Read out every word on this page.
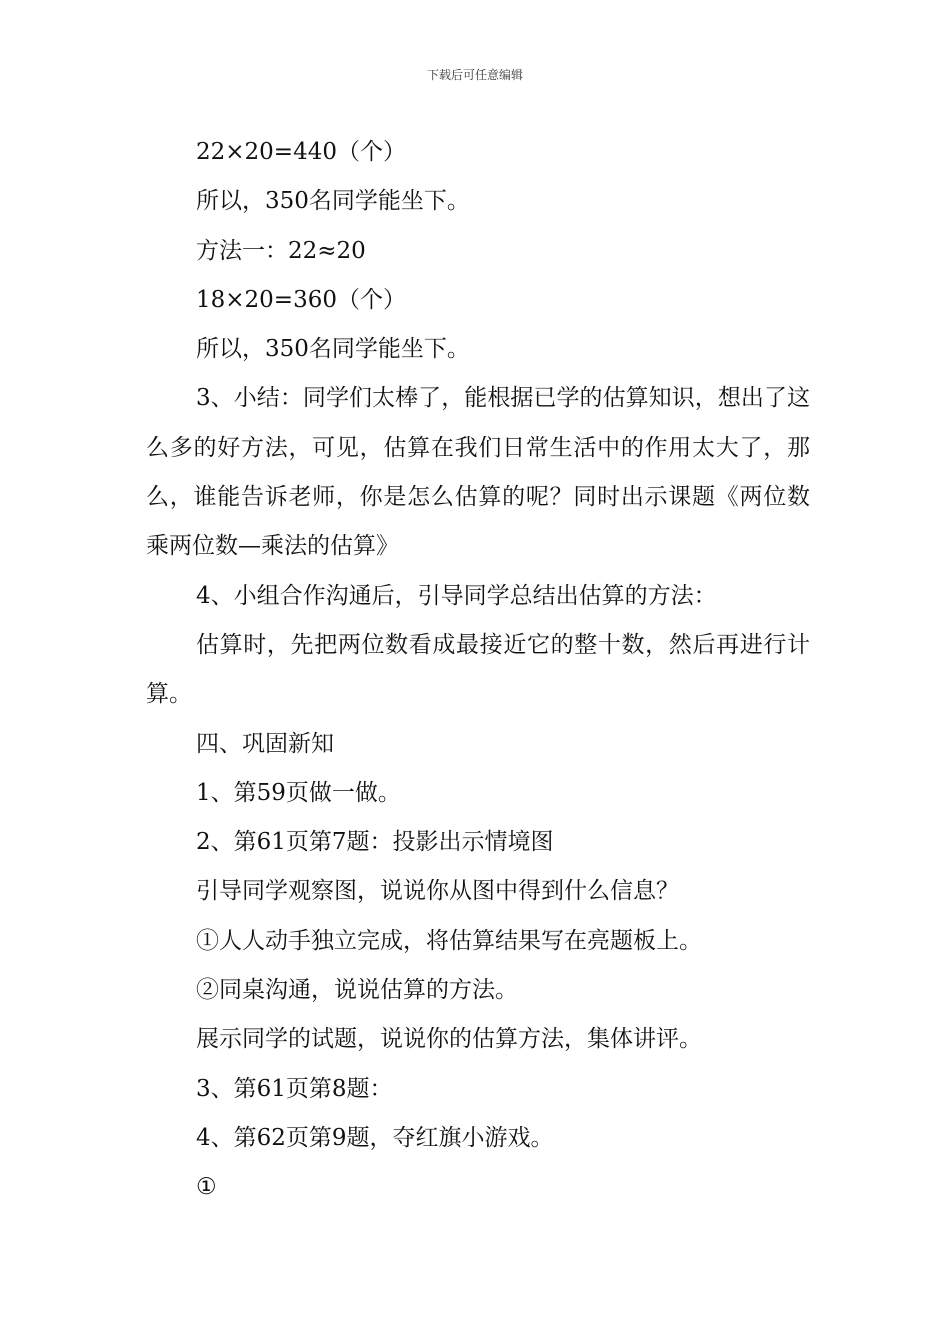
下载后可任意编辑
22×20=440（个）
所以，350名同学能坐下。
方法一：22≈20
18×20=360（个）
所以，350名同学能坐下。
3、小结：同学们太棒了，能根据已学的估算知识，想出了这么多的好方法，可见，估算在我们日常生活中的作用太大了，那么，谁能告诉老师，你是怎么估算的呢？同时出示课题《两位数乘两位数—乘法的估算》
4、小组合作沟通后，引导同学总结出估算的方法：
估算时，先把两位数看成最接近它的整十数，然后再进行计算。
四、巩固新知
1、第59页做一做。
2、第61页第7题：投影出示情境图
引导同学观察图，说说你从图中得到什么信息？
①人人动手独立完成，将估算结果写在亮题板上。
②同桌沟通，说说估算的方法。
展示同学的试题，说说你的估算方法，集体讲评。
3、第61页第8题：
4、第62页第9题，夺红旗小游戏。
①
